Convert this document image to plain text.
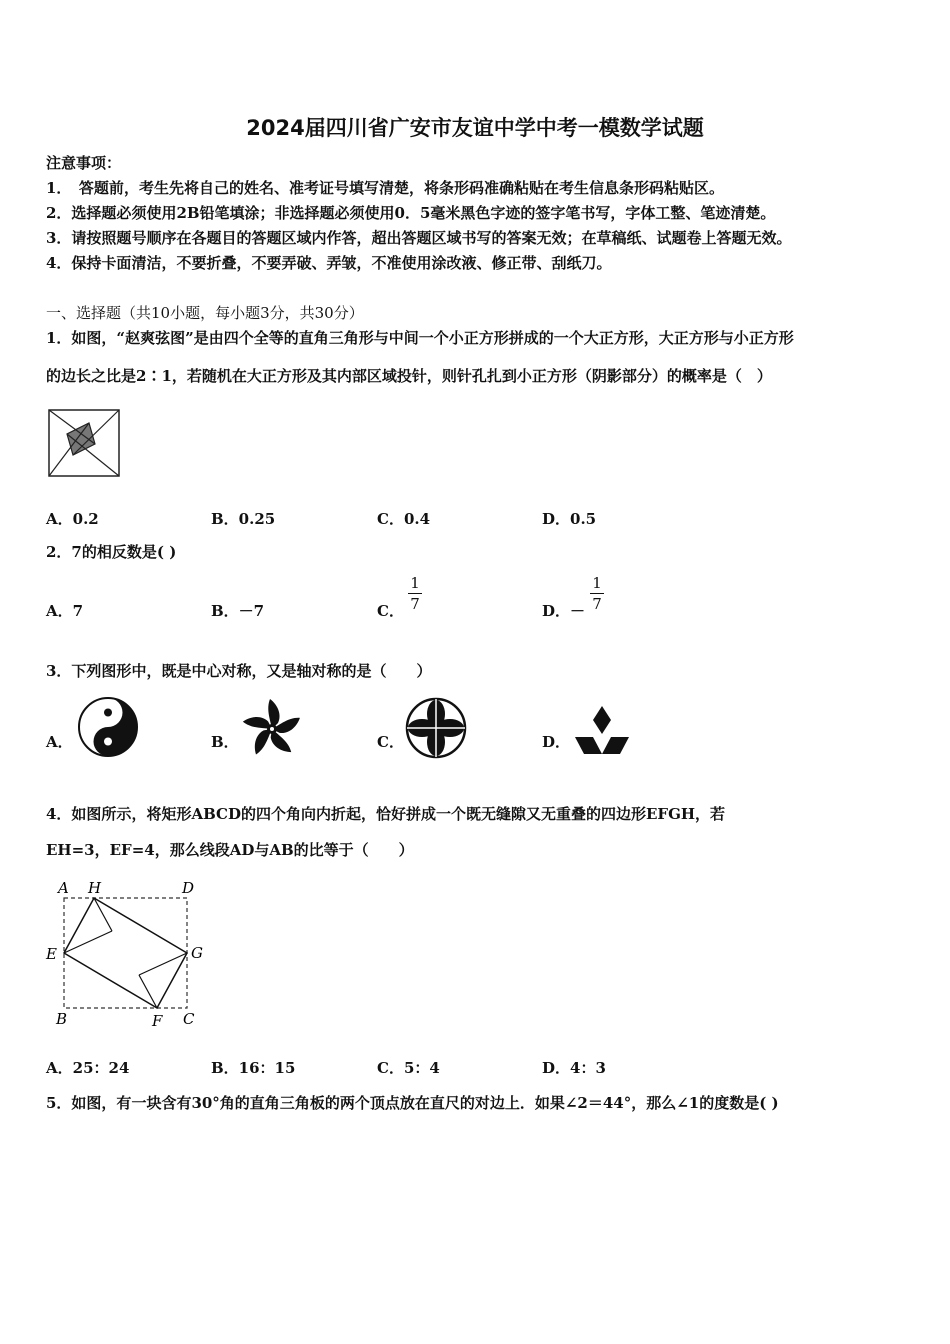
2024届四川省广安市友谊中学中考一模数学试题
注意事项：
1．　答题前，考生先将自己的姓名、准考证号填写清楚，将条形码准确粘贴在考生信息条形码粘贴区。
2．选择题必须使用2B铅笔填涂；非选择题必须使用0．5毫米黑色字迹的签字笔书写，字体工整、笔迹清楚。
3．请按照题号顺序在各题目的答题区域内作答，超出答题区域书写的答案无效；在草稿纸、试题卷上答题无效。
4．保持卡面清洁，不要折叠，不要弄破、弄皱，不准使用涂改液、修正带、刮纸刀。
一、选择题（共10小题，每小题3分，共30分）
1．如图，“赵爽弦图”是由四个全等的直角三角形与中间一个小正方形拼成的一个大正方形，大正方形与小正方形
的边长之比是2∶1，若随机在大正方形及其内部区域投针，则针孔扎到小正方形（阴影部分）的概率是（　）
A．0.2	B．0.25	C．0.4	D．0.5
2．7的相反数是( )
A．7	B．－7	C．
1
7	D．－
1
7
3．下列图形中，既是中心对称，又是轴对称的是（　　）
A．	B．	C．	D．
4．如图所示，将矩形ABCD的四个角向内折起，恰好拼成一个既无缝隙又无重叠的四边形EFGH，若
EH=3，EF=4，那么线段AD与AB的比等于（　　）
A H	D
E	G
B	F C
A．25：24	B．16：15	C．5：4	D．4：3
5．如图，有一块含有30°角的直角三角板的两个顶点放在直尺的对边上．如果∠2＝44°，那么∠1的度数是( )
